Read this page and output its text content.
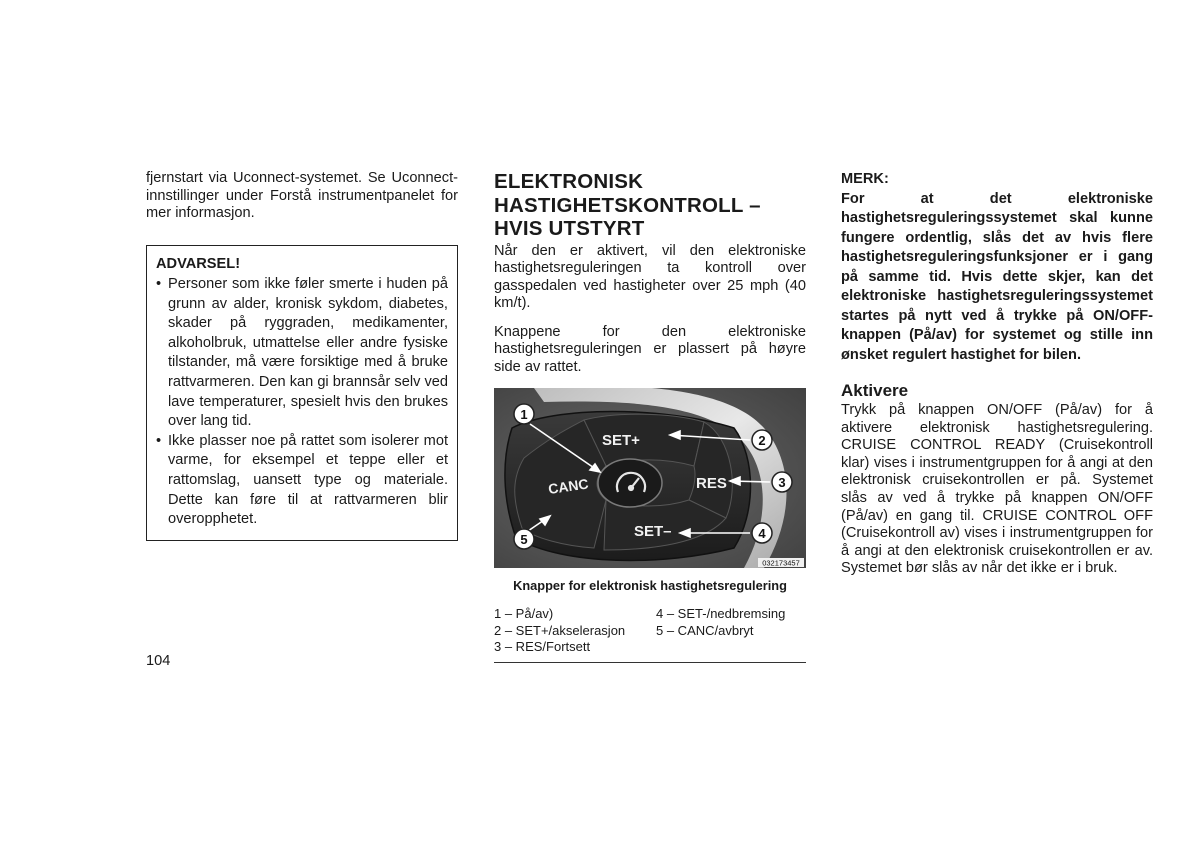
fjernstart via Uconnect-systemet. Se Uconnect-innstillinger under Forstå instrumentpanelet for mer informasjon.

ADVARSEL!
• Personer som ikke føler smerte i huden på grunn av alder, kronisk sykdom, diabetes, skader på ryggraden, medikamenter, alkoholbruk, utmattelse eller andre fysiske tilstander, må være forsiktige med å bruke rattvarmeren. Den kan gi brannsår selv ved lave temperaturer, spesielt hvis den brukes over lang tid.
• Ikke plasser noe på rattet som isolerer mot varme, for eksempel et teppe eller et rattomslag, uansett type og materiale. Dette kan føre til at rattvarmeren blir overopphetet.
ELEKTRONISK HASTIGHETSKONTROLL – HVIS UTSTYRT

Når den er aktivert, vil den elektroniske hastighetsreguleringen ta kontroll over gasspedalen ved hastigheter over 25 mph (40 km/t).

Knappene for den elektroniske hastighetsreguleringen er plassert på høyre side av rattet.

SET+
RES
CANC
SET–
1
2
3
4
5
032173457
Knapper for elektronisk hastighetsregulering
1 – På/av)	4 – SET-/nedbremsing
2 – SET+/akselerasjon	5 – CANC/avbryt
3 – RES/Fortsett
MERK:

For at det elektroniske hastighetsreguleringssystemet skal kunne fungere ordentlig, slås det av hvis flere hastighetsreguleringsfunksjoner er i gang på samme tid. Hvis dette skjer, kan det elektroniske hastighetsreguleringssystemet startes på nytt ved å trykke på ON/OFF-knappen (På/av) for systemet og stille inn ønsket regulert hastighet for bilen.

Aktivere

Trykk på knappen ON/OFF (På/av) for å aktivere elektronisk hastighetsregulering. CRUISE CONTROL READY (Cruisekontroll klar) vises i instrumentgruppen for å angi at den elektronisk cruisekontrollen er på. Systemet slås av ved å trykke på knappen ON/OFF (På/av) en gang til. CRUISE CONTROL OFF (Cruisekontroll av) vises i instrumentgruppen for å angi at den elektronisk cruisekontrollen er av. Systemet bør slås av når det ikke er i bruk.

104
